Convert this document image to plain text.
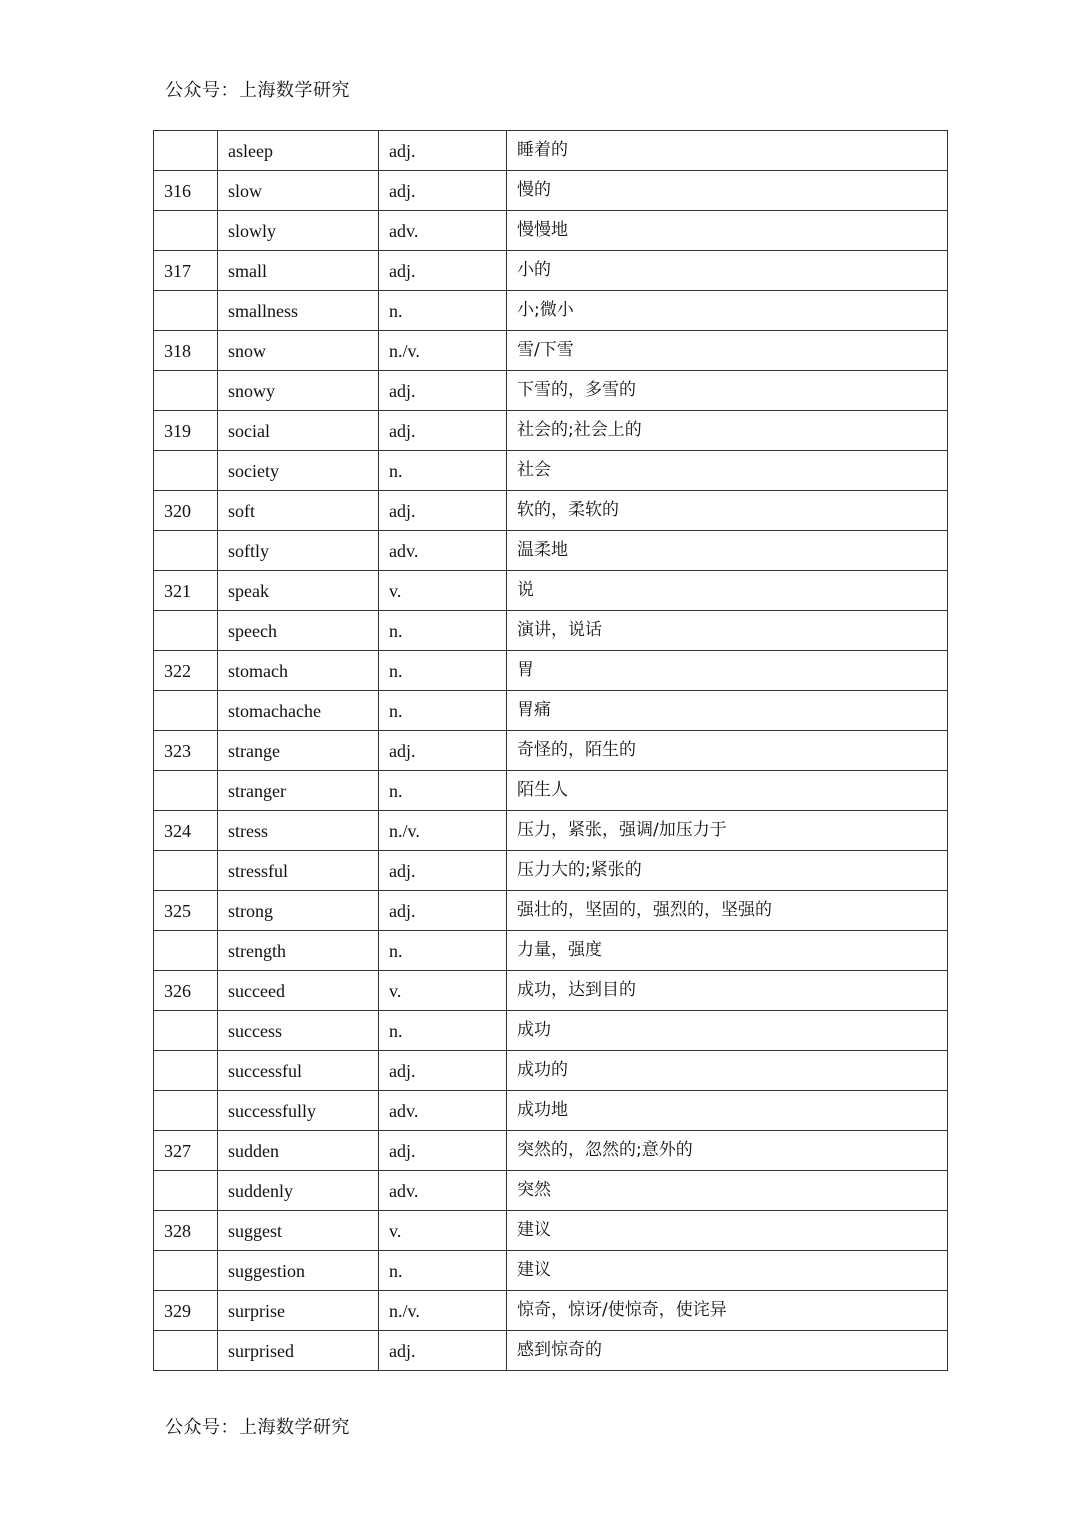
公众号：上海数学研究
	asleep	adj.	睡着的
316	slow	adj.	慢的
	slowly	adv.	慢慢地
317	small	adj.	小的
	smallness	n.	小;微小
318	snow	n./v.	雪/下雪
	snowy	adj.	下雪的，多雪的
319	social	adj.	社会的;社会上的
	society	n.	社会
320	soft	adj.	软的，柔软的
	softly	adv.	温柔地
321	speak	v.	说
	speech	n.	演讲，说话
322	stomach	n.	胃
	stomachache	n.	胃痛
323	strange	adj.	奇怪的，陌生的
	stranger	n.	陌生人
324	stress	n./v.	压力，紧张，强调/加压力于
	stressful	adj.	压力大的;紧张的
325	strong	adj.	强壮的，坚固的，强烈的，坚强的
	strength	n.	力量，强度
326	succeed	v.	成功，达到目的
	success	n.	成功
	successful	adj.	成功的
	successfully	adv.	成功地
327	sudden	adj.	突然的，忽然的;意外的
	suddenly	adv.	突然
328	suggest	v.	建议
	suggestion	n.	建议
329	surprise	n./v.	惊奇，惊讶/使惊奇，使诧异
	surprised	adj.	感到惊奇的
公众号：上海数学研究
